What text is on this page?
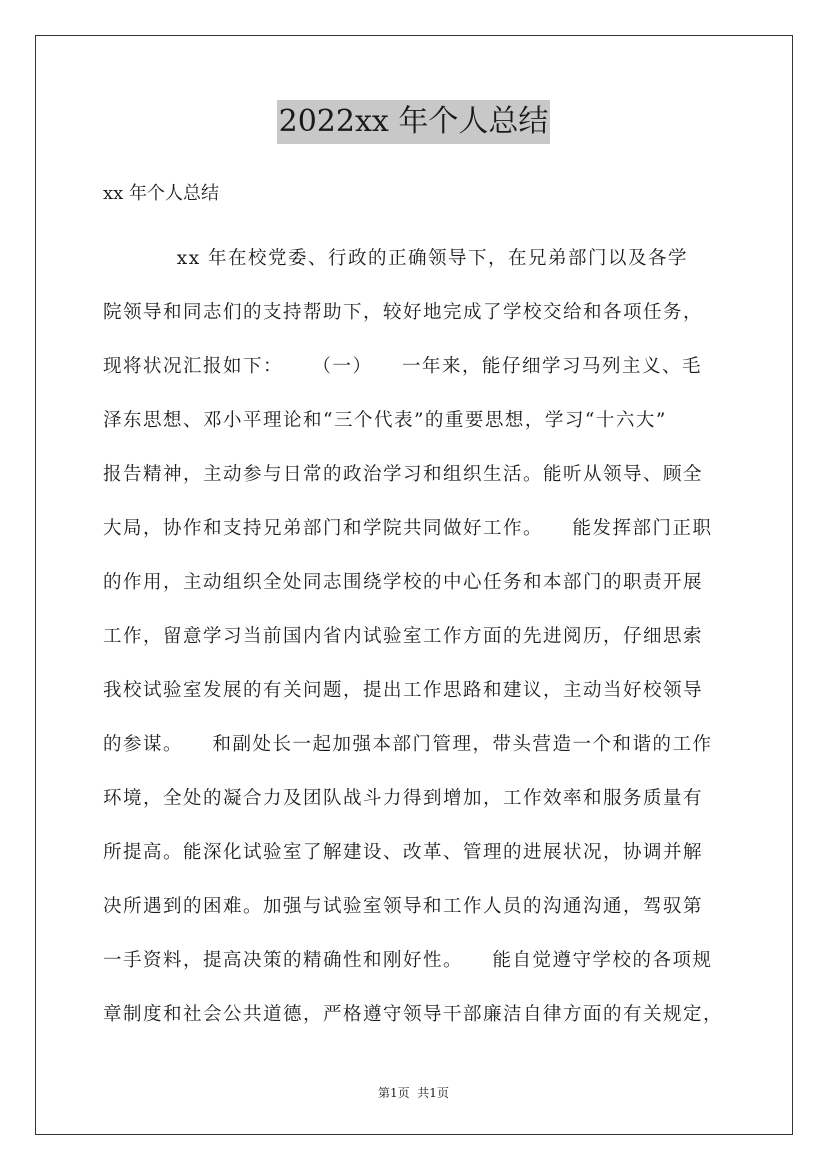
2022xx 年个人总结
xx 年个人总结
xx 年在校党委、行政的正确领导下，在兄弟部门以及各学
院领导和同志们的支持帮助下，较好地完成了学校交给和各项任务，
现将状况汇报如下：    （一）    一年来，能仔细学习马列主义、毛
泽东思想、邓小平理论和“三个代表”的重要思想，学习“十六大”
报告精神，主动参与日常的政治学习和组织生活。能听从领导、顾全
大局，协作和支持兄弟部门和学院共同做好工作。    能发挥部门正职
的作用，主动组织全处同志围绕学校的中心任务和本部门的职责开展
工作，留意学习当前国内省内试验室工作方面的先进阅历，仔细思索
我校试验室发展的有关问题，提出工作思路和建议，主动当好校领导
的参谋。    和副处长一起加强本部门管理，带头营造一个和谐的工作
环境，全处的凝合力及团队战斗力得到增加，工作效率和服务质量有
所提高。能深化试验室了解建设、改革、管理的进展状况，协调并解
决所遇到的困难。加强与试验室领导和工作人员的沟通沟通，驾驭第
一手资料，提高决策的精确性和刚好性。    能自觉遵守学校的各项规
章制度和社会公共道德，严格遵守领导干部廉洁自律方面的有关规定，
第1页  共1页
